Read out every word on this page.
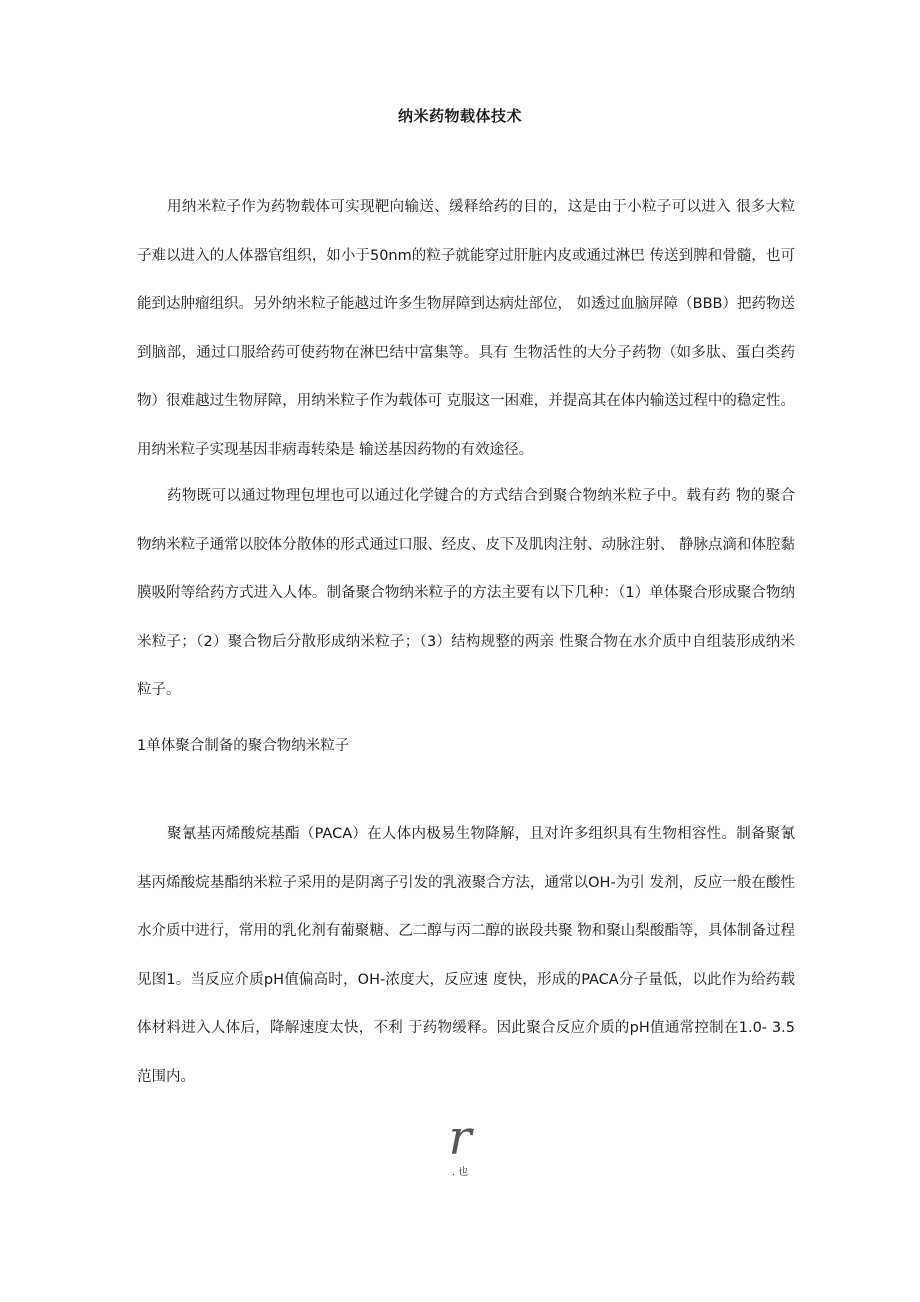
纳米药物载体技术

用纳米粒子作为药物载体可实现靶向输送、缓释给药的目的，这是由于小粒子可以进入 很多大粒子难以进入的人体器官组织，如小于50nm的粒子就能穿过肝脏内皮或通过淋巴 传送到脾和骨髓，也可能到达肿瘤组织。另外纳米粒子能越过许多生物屏障到达病灶部位， 如透过血脑屏障（BBB）把药物送到脑部，通过口服给药可使药物在淋巴结中富集等。具有 生物活性的大分子药物（如多肽、蛋白类药物）很难越过生物屏障，用纳米粒子作为载体可 克服这一困难，并提高其在体内输送过程中的稳定性。用纳米粒子实现基因非病毒转染是 输送基因药物的有效途径。

药物既可以通过物理包埋也可以通过化学键合的方式结合到聚合物纳米粒子中。载有药 物的聚合物纳米粒子通常以胶体分散体的形式通过口服、经皮、皮下及肌肉注射、动脉注射、 静脉点滴和体腔黏膜吸附等给药方式进入人体。制备聚合物纳米粒子的方法主要有以下几种：（1）单体聚合形成聚合物纳米粒子；（2）聚合物后分散形成纳米粒子；（3）结构规整的两亲 性聚合物在水介质中自组装形成纳米粒子。

1单体聚合制备的聚合物纳米粒子

聚氰基丙烯酸烷基酯（PACA）在人体内极易生物降解，且对许多组织具有生物相容性。制备聚氰基丙烯酸烷基酯纳米粒子采用的是阴离子引发的乳液聚合方法，通常以OH-为引 发剂，反应一般在酸性水介质中进行，常用的乳化剂有葡聚糖、乙二醇与丙二醇的嵌段共聚 物和聚山梨酸酯等，具体制备过程见图1。当反应介质pH值偏高时，OH-浓度大，反应速 度快，形成的PACA分子量低，以此作为给药载体材料进入人体后，降解速度太快，不利 于药物缓释。因此聚合反应介质的pH值通常控制在1.0- 3.5范围内。

r
. 也
